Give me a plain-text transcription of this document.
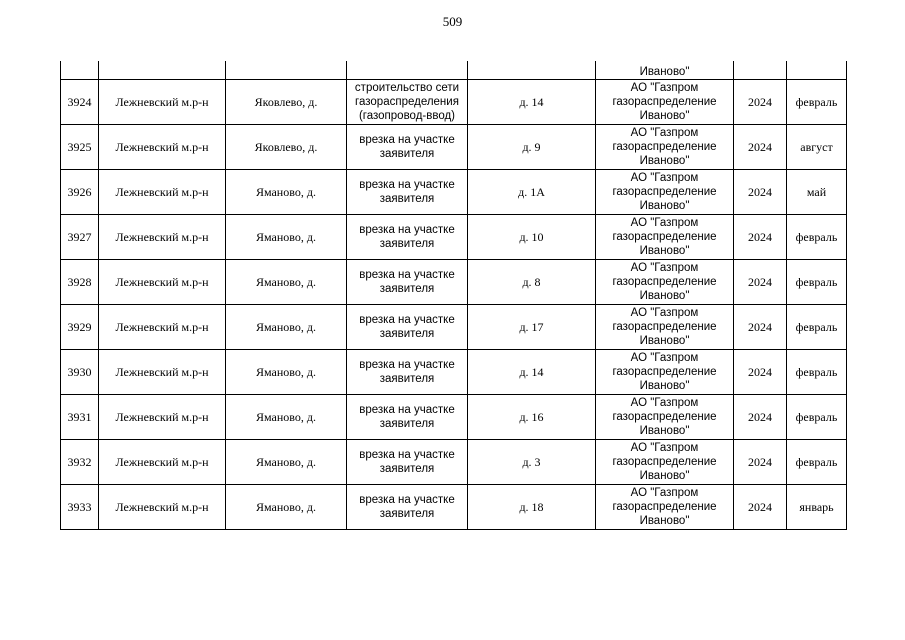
509
					Иваново"		
3924	Лежневский м.р-н	Яковлево, д.	строительство сети
газораспределения
(газопровод-ввод)	д. 14	АО "Газпром
газораспределение
Иваново"	2024	февраль
3925	Лежневский м.р-н	Яковлево, д.	врезка на участке
заявителя	д. 9	АО "Газпром
газораспределение
Иваново"	2024	август
3926	Лежневский м.р-н	Ямановo, д.	врезка на участке
заявителя	д. 1А	АО "Газпром
газораспределение
Иваново"	2024	май
3927	Лежневский м.р-н	Яманово, д.	врезка на участке
заявителя	д. 10	АО "Газпром
газораспределение
Иваново"	2024	февраль
3928	Лежневский м.р-н	Яманово, д.	врезка на участке
заявителя	д. 8	АО "Газпром
газораспределение
Иваново"	2024	февраль
3929	Лежневский м.р-н	Яманово, д.	врезка на участке
заявителя	д. 17	АО "Газпром
газораспределение
Иваново"	2024	февраль
3930	Лежневский м.р-н	Яманово, д.	врезка на участке
заявителя	д. 14	АО "Газпром
газораспределение
Иваново"	2024	февраль
3931	Лежневский м.р-н	Яманово, д.	врезка на участке
заявителя	д. 16	АО "Газпром
газораспределение
Иваново"	2024	февраль
3932	Лежневский м.р-н	Яманово, д.	врезка на участке
заявителя	д. 3	АО "Газпром
газораспределение
Иваново"	2024	февраль
3933	Лежневский м.р-н	Яманово, д.	врезка на участке
заявителя	д. 18	АО "Газпром
газораспределение
Иваново"	2024	январь
